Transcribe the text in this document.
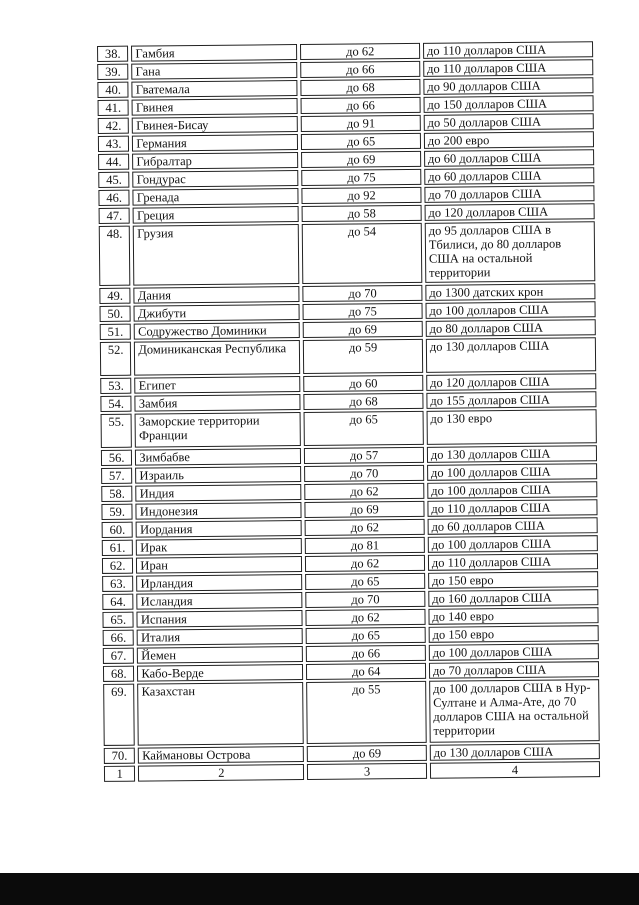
38.	Гамбия	до 62	до 110 долларов США
39.	Гана	до 66	до 110 долларов США
40.	Гватемала	до 68	до 90 долларов США
41.	Гвинея	до 66	до 150 долларов США
42.	Гвинея-Бисау	до 91	до 50 долларов США
43.	Германия	до 65	до 200 евро
44.	Гибралтар	до 69	до 60 долларов США
45.	Гондурас	до 75	до 60 долларов США
46.	Гренада	до 92	до 70 долларов США
47.	Греция	до 58	до 120 долларов США
48.	Грузия	до 54	до 95 долларов США в Тбилиси, до 80 долларов США на остальной территории
49.	Дания	до 70	до 1300 датских крон
50.	Джибути	до 75	до 100 долларов США
51.	Содружество Доминики	до 69	до 80 долларов США
52.	Доминиканская Республика	до 59	до 130 долларов США
53.	Египет	до 60	до 120 долларов США
54.	Замбия	до 68	до 155 долларов США
55.	Заморские территории Франции	до 65	до 130 евро
56.	Зимбабве	до 57	до 130 долларов США
57.	Израиль	до 70	до 100 долларов США
58.	Индия	до 62	до 100 долларов США
59.	Индонезия	до 69	до 110 долларов США
60.	Иордания	до 62	до 60 долларов США
61.	Ирак	до 81	до 100 долларов США
62.	Иран	до 62	до 110 долларов США
63.	Ирландия	до 65	до 150 евро
64.	Исландия	до 70	до 160 долларов США
65.	Испания	до 62	до 140 евро
66.	Италия	до 65	до 150 евро
67.	Йемен	до 66	до 100 долларов США
68.	Кабо-Верде	до 64	до 70 долларов США
69.	Казахстан	до 55	до 100 долларов США в Нур-Султане и Алма-Ате, до 70 долларов США на остальной территории
70.	Каймановы Острова	до 69	до 130 долларов США
1	2	3	4
